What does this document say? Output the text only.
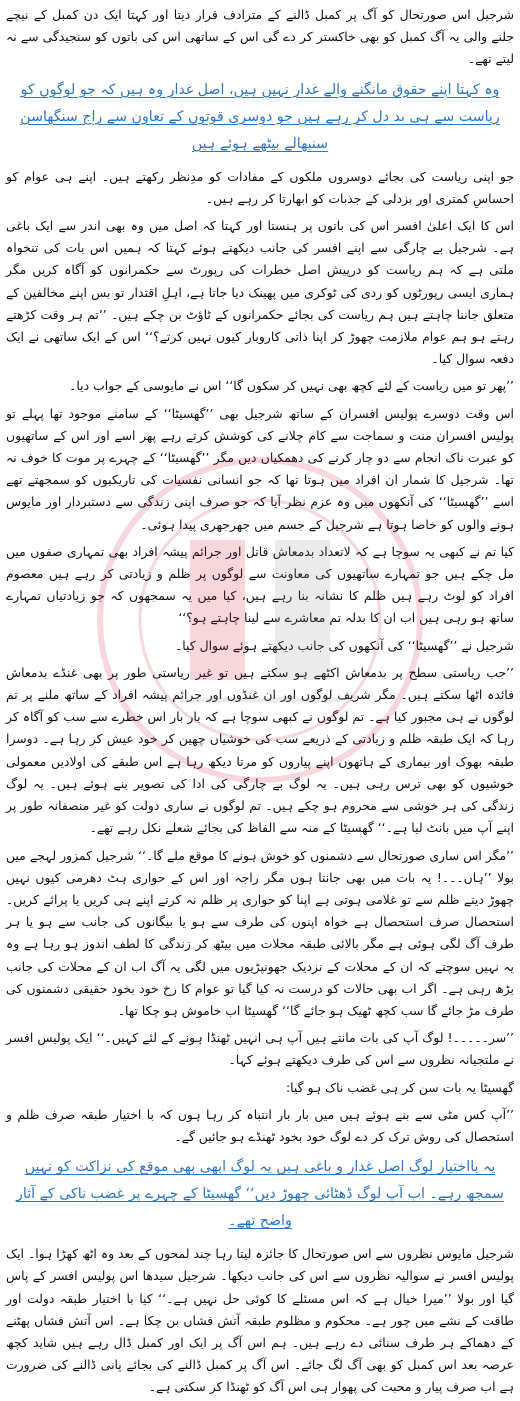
شرجیل اس صورتحال کو آگ پر کمبل ڈالنے کے مترادف قرار دیتا اور کہتا ایک دن کمبل کے نیچے جلنے والی یہ آگ کمبل کو بھی خاکستر کر دے گی اس کے ساتھی اس کی باتوں کو سنجیدگی سے نہ لیتے تھے۔

وہ کہتا اپنے حقوق مانگنے والے غدار نہیں ہیں، اصل غدار وہ ہیں کہ جو لوگوں کو ریاست سے ہی بد دل کر رہے ہیں جو دوسری قوتوں کے تعاون سے راج سنگھاسن سنبھالے بیٹھے ہوئے ہیں

جو اپنی ریاست کی بجائے دوسروں ملکوں کے مفادات کو مدِنظر رکھتے ہیں۔ اپنے ہی عوام کو احساسِ کمتری اور بزدلی کے جذبات کو ابھارتا کر رہے ہیں۔

اس کا ایک اعلیٰ افسر اس کی باتوں پر ہنستا اور کہتا کہ اصل میں وہ بھی اندر سے ایک باغی ہے۔ شرجیل بے چارگی سے اپنے افسر کی جانب دیکھتے ہوئے کہتا کہ ہمیں اس بات کی تنخواہ ملتی ہے کہ ہم ریاست کو درپیش اصل خطرات کی رپورٹ سے حکمرانوں کو آگاہ کریں مگر ہماری ایسی رپورٹوں کو ردی کی ٹوکری میں پھینک دیا جاتا ہے، اہلِ اقتدار تو بس اپنے مخالفین کے متعلق جاننا چاہتے ہیں ہم ریاست کی بجائے حکمرانوں کے ٹاؤٹ بن چکے ہیں۔ ’’تم ہر وقت کڑھتے رہتے ہو ہم عوام ملازمت چھوڑ کر اپنا ذاتی کاروبار کیوں نہیں کرتے؟‘‘ اس کے ایک ساتھی نے ایک دفعہ سوال کیا۔

’’پھر تو میں ریاست کے لئے کچھ بھی نہیں کر سکوں گا‘‘ اس نے مایوسی کے جواب دیا۔

اس وقت دوسرے پولیس افسران کے ساتھ شرجیل بھی ’’گھسیٹا‘‘ کے سامنے موجود تھا پہلے تو پولیس افسران منت و سماجت سے کام چلانے کی کوشش کرتے رہے پھر اسے اور اس کے ساتھیوں کو عبرت ناک انجام سے دو چار کرنے کی دھمکیاں دیں مگر ’’گھسیٹا‘‘ کے چہرے پر موت کا خوف نہ تھا۔ شرجیل کا شمار ان افراد میں ہوتا تھا کہ جو انسانی نفسیات کی تاریکیوں کو سمجھتے تھے اسے ’’گھسیٹا‘‘ کی آنکھوں میں وہ عزم نظر آیا کہ جو صرف اپنی زندگی سے دستبردار اور مایوس ہونے والوں کو خاصا ہوتا ہے شرجیل کے جسم میں جھرجھری پیدا ہوئی۔

کیا تم نے کبھی یہ سوچا ہے کہ لاتعداد بدمعاش قاتل اور جرائم پیشہ افراد بھی تمہاری صفوں میں مل چکے ہیں جو تمہارے ساتھیوں کی معاونت سے لوگوں پر ظلم و زیادتی کر رہے ہیں معصوم افراد کو لوٹ رہے ہیں ظلم کا نشانہ بنا رہے ہیں، کیا میں یہ سمجھوں کہ جو زیادتیاں تمہارے ساتھ ہو رہی ہیں اب ان کا بدلہ تم معاشرے سے لینا چاہتے ہو؟‘‘

شرجیل نے ’’گھسیٹا‘‘ کی آنکھوں کی جانب دیکھتے ہوئے سوال کیا۔

’’جب ریاستی سطح پر بدمعاش اکٹھے ہو سکتے ہیں تو غیر ریاستی طور پر بھی غنڈے بدمعاش فائدہ اٹھا سکتے ہیں۔ مگر شریف لوگوں اور ان غنڈوں اور جرائم پیشہ افراد کے ساتھ ملنے پر تم لوگوں نے ہی مجبور کیا ہے۔ تم لوگوں نے کبھی سوچا ہے کہ بار بار اس خطرے سے سب کو آگاہ کر رہا کہ ایک طبقہ ظلم و زیادتی کے ذریعے سب کی خوشیاں چھین کر خود عیش کر رہا ہے۔ دوسرا طبقہ بھوک اور بیماری کے ہاتھوں اپنے پیاروں کو مرتا دیکھ رہا ہے اس طبقے کی اولادیں معمولی خوشیوں کو بھی ترس رہی ہیں۔ یہ لوگ بے چارگی کی ادا کی تصویر بنے ہوئے ہیں۔ یہ لوگ زندگی کی ہر خوشی سے محروم ہو چکے ہیں۔ تم لوگوں نے ساری دولت کو غیر منصفانہ طور پر اپنے آپ میں بانٹ لیا ہے۔‘‘ گھسیٹا کے منہ سے الفاظ کی بجائے شعلے نکل رہے تھے۔

’’مگر اس ساری صورتحال سے دشمنوں کو خوش ہونے کا موقع ملے گا۔‘‘ شرجیل کمزور لہجے میں بولا ’’ہاں۔۔۔! یہ بات میں بھی جانتا ہوں مگر راجہ اور اس کے حواری ہٹ دھرمی کیوں نہیں چھوڑ دیتے ظلم سے تو غلامی ہوتی ہے اپنا کو حواری پر ظلم نہ کرتے اپنے ہی کریں یا پرائے کریں۔ استحصال صرف استحصال ہے خواہ اپنوں کی طرف سے ہو یا بیگانوں کی جانب سے ہو یا ہر طرف آگ لگی ہوئی ہے مگر بالائی طبقہ محلات میں بیٹھ کر زندگی کا لطف اندوز ہو رہا ہے وہ یہ نہیں سوچتے کہ ان کے محلات کے نزدیک جھونپڑیوں میں لگی یہ آگ اب ان کے محلات کی جانب بڑھ رہی ہے۔ اگر اب بھی حالات کو درست نہ کیا گیا تو عوام کا رخ خود بخود حقیقی دشمنوں کی طرف مڑ جائے گا سب کچھ ٹھیک ہو جائے گا‘‘ گھسیٹا اب خاموش ہو چکا تھا۔

’’سر۔۔۔۔۔! لوگ آپ کی بات مانتے ہیں آپ ہی انہیں ٹھنڈا ہونے کے لئے کہیں۔‘‘ ایک پولیس افسر نے ملتجیانہ نظروں سے اس کی طرف دیکھتے ہوئے کہا۔

گھسیٹا یہ بات سن کر ہی غضب ناک ہو گیا:

’’آپ کس مٹی سے بنے ہوئے ہیں میں بار بار انتباہ کر رہا ہوں کہ با اختیار طبقہ صرف ظلم و استحصال کی روش ترک کر دے لوگ خود بخود ٹھنڈے ہو جائیں گے۔

یہ بااختیار لوگ اصل غدار و باغی ہیں یہ لوگ ابھی بھی موقع کی نزاکت کو نہیں سمجھ رہے۔ اب آپ لوگ ڈھٹائی چھوڑ دیں‘‘ گھسیٹا کے چہرے پر غضب ناکی کے آثار واضح تھے۔

شرجیل مایوس نظروں سے اس صورتحال کا جائزہ لیتا رہا چند لمحوں کے بعد وہ اٹھ کھڑا ہوا۔ ایک پولیس افسر نے سوالیہ نظروں سے اس کی جانب دیکھا۔ شرجیل سیدھا اس پولیس افسر کے پاس گیا اور بولا ’’میرا خیال ہے کہ اس مسئلے کا کوئی حل نہیں ہے۔‘‘ کیا با اختیار طبقہ دولت اور طاقت کے نشے میں چور ہے۔ محکوم و مظلوم طبقہ آتش فشاں بن چکا ہے۔ اس آتش فشاں پھٹنے کے دھماکے ہر طرف سنائی دے رہے ہیں۔ ہم اس آگ پر ایک اور کمبل ڈال رہے ہیں شاید کچھ عرصہ بعد اس کمبل کو بھی آگ لگ جائے۔ اس آگ پر کمبل ڈالنے کی بجائے پانی ڈالنے کی ضرورت ہے اب صرف پیار و محبت کی پھوار ہی اس آگ کو ٹھنڈا کر سکتی ہے۔
